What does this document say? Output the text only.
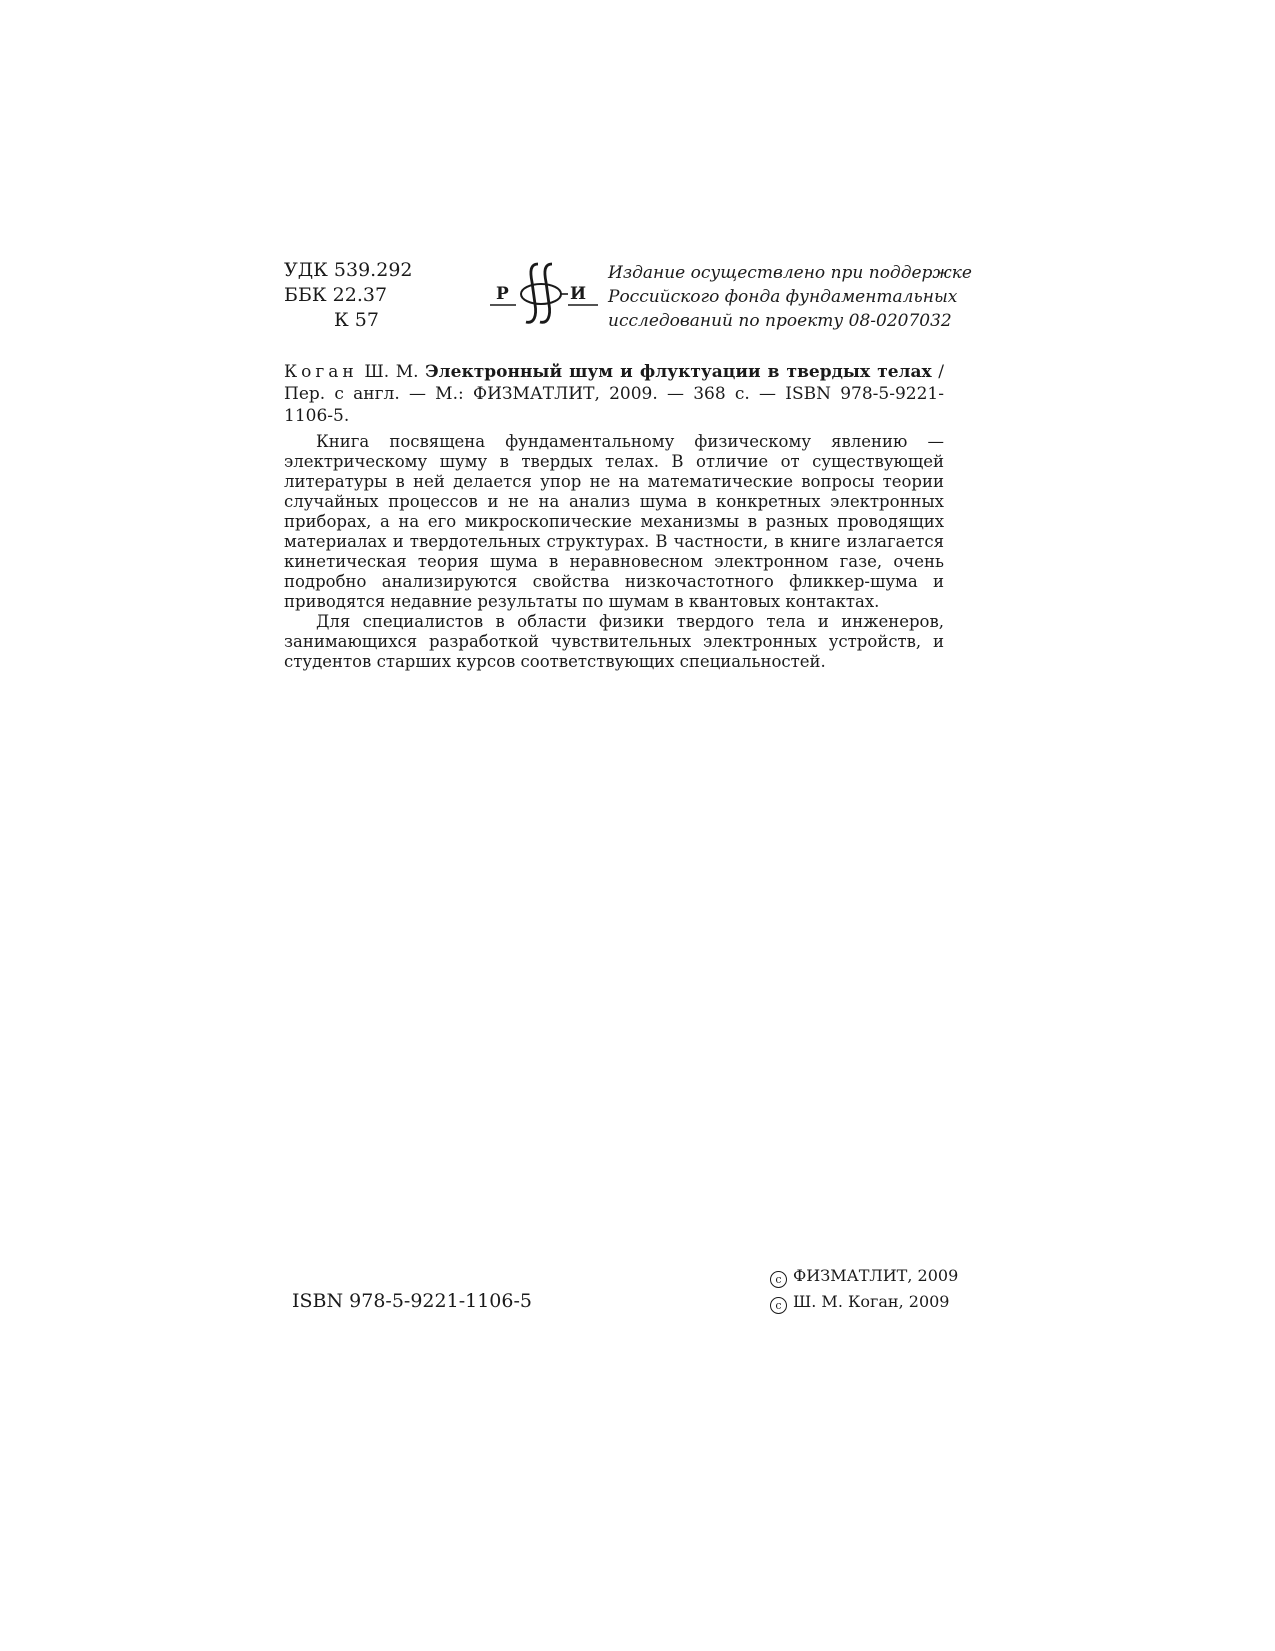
УДК 539.292
ББК 22.37
К 57
Р	И
Издание осуществлено при поддержке
Российского фонда фундаментальных
исследований по проекту 08-0207032
Коган Ш. М. Электронный шум и флуктуации в твердых телах / Пер. с англ. — М.: ФИЗМАТЛИТ, 2009. — 368 с. — ISBN 978-5-9221-1106-5.

Книга посвящена фундаментальному физическому явлению — электрическому шуму в твердых телах. В отличие от существующей литературы в ней делается упор не на математические вопросы теории случайных процессов и не на анализ шума в конкретных электронных приборах, а на его микроскопические механизмы в разных проводящих материалах и твердотельных структурах. В частности, в книге излагается кинетическая теория шума в неравновесном электронном газе, очень подробно анализируются свойства низкочастотного фликкер-шума и приводятся недавние результаты по шумам в квантовых контактах.

Для специалистов в области физики твердого тела и инженеров, занимающихся разработкой чувствительных электронных устройств, и студентов старших курсов соответствующих специальностей.

ISBN 978-5-9221-1106-5
c ФИЗМАТЛИТ, 2009
c Ш. М. Коган, 2009
